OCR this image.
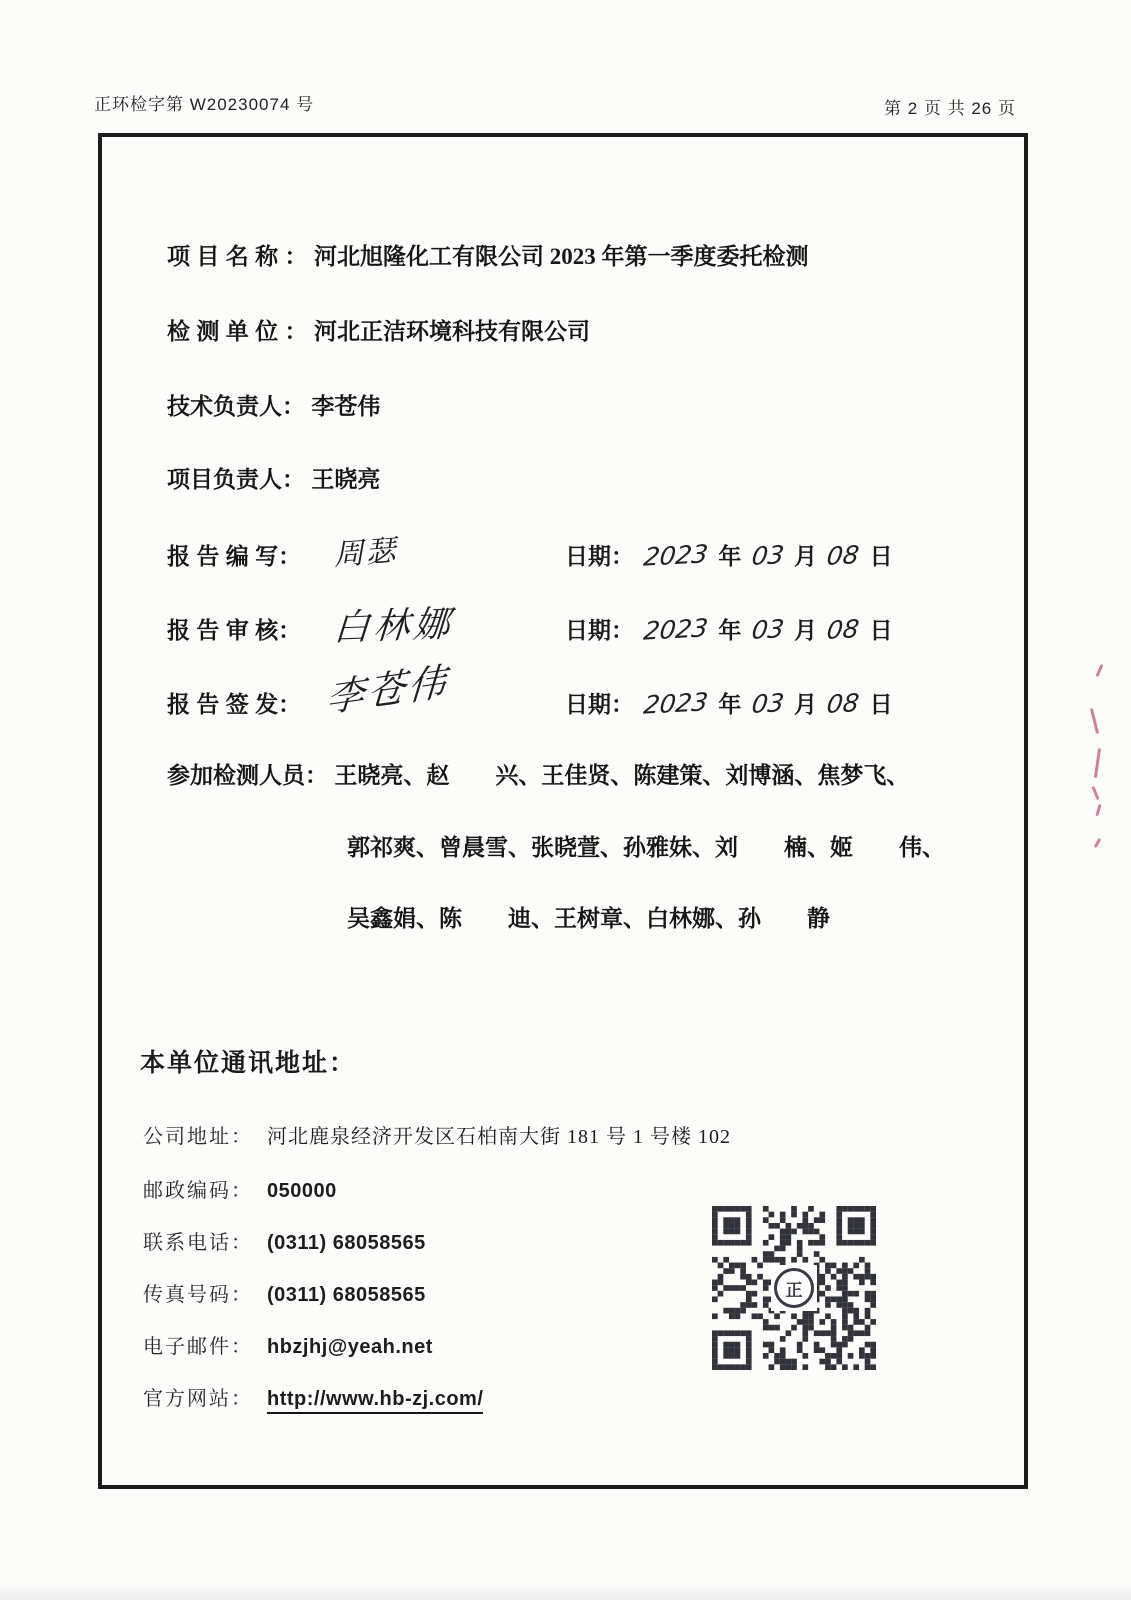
正环检字第 W20230074 号	第 2 页 共 26 页
项 目 名 称 ： 河北旭隆化工有限公司 2023 年第一季度委托检测
检 测 单 位 ： 河北正洁环境科技有限公司
技术负责人： 李苍伟
项目负责人： 王晓亮
报 告 编 写： 周瑟	日期： 2023 年 03 月 08 日
报 告 审 核： 白林娜	日期： 2023 年 03 月 08 日
报 告 签 发： 李苍伟	日期： 2023 年 03 月 08 日
参加检测人员： 王晓亮、赵　　兴、王佳贤、陈建策、刘博涵、焦梦飞、
郭祁爽、曾晨雪、张晓萱、孙雅妹、刘　　楠、姬　　伟、
吴鑫娟、陈　　迪、王树章、白林娜、孙　　静
本单位通讯地址：
公司地址： 河北鹿泉经济开发区石柏南大街 181 号 1 号楼 102
邮政编码： 050000
联系电话： (0311) 68058565
传真号码： (0311) 68058565
电子邮件： hbzjhj@yeah.net
官方网站： http://www.hb-zj.com/
正
